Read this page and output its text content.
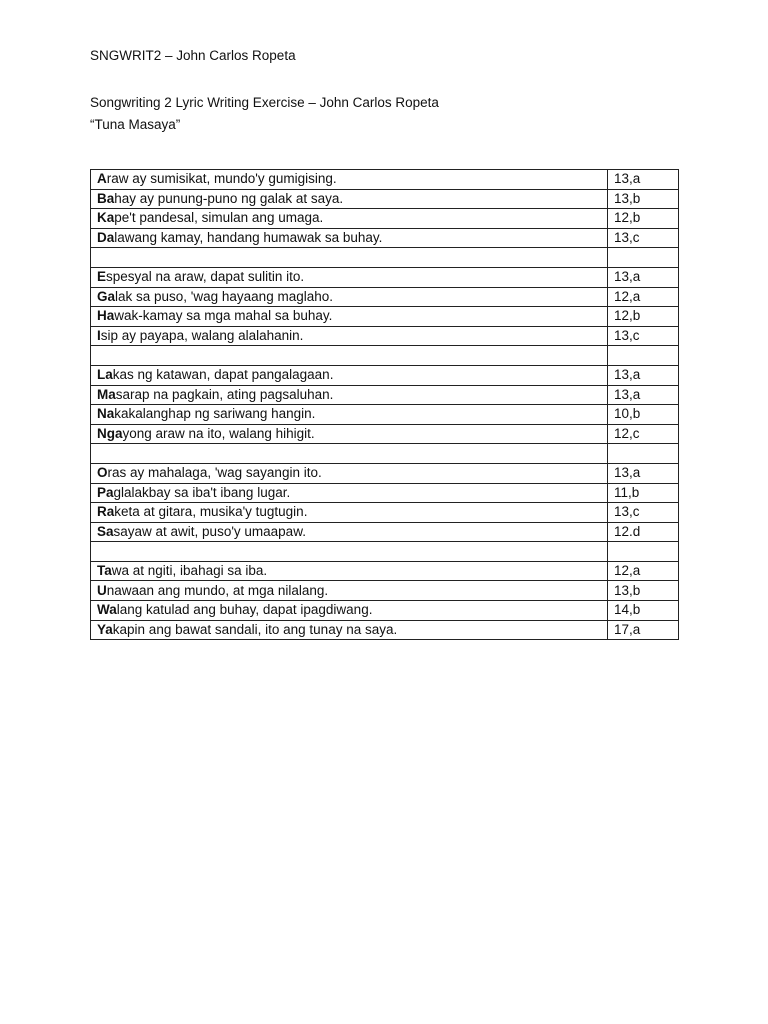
SNGWRIT2 – John Carlos Ropeta
Songwriting 2 Lyric Writing Exercise – John Carlos Ropeta
“Tuna Masaya”
Araw ay sumisikat, mundo'y gumigising.	13,a
Bahay ay punung-puno ng galak at saya.	13,b
Kape't pandesal, simulan ang umaga.	12,b
Dalawang kamay, handang humawak sa buhay.	13,c

Espesyal na araw, dapat sulitin ito.	13,a
Galak sa puso, 'wag hayaang maglaho.	12,a
Hawak-kamay sa mga mahal sa buhay.	12,b
Isip ay payapa, walang alalahanin.	13,c

Lakas ng katawan, dapat pangalagaan.	13,a
Masarap na pagkain, ating pagsaluhan.	13,a
Nakakalanghap ng sariwang hangin.	10,b
Ngayong araw na ito, walang hihigit.	12,c

Oras ay mahalaga, 'wag sayangin ito.	13,a
Paglalakbay sa iba't ibang lugar.	11,b
Raketa at gitara, musika'y tugtugin.	13,c
Sasayaw at awit, puso'y umaapaw.	12.d

Tawa at ngiti, ibahagi sa iba.	12,a
Unawaan ang mundo, at mga nilalang.	13,b
Walang katulad ang buhay, dapat ipagdiwang.	14,b
Yakapin ang bawat sandali, ito ang tunay na saya.	17,a
